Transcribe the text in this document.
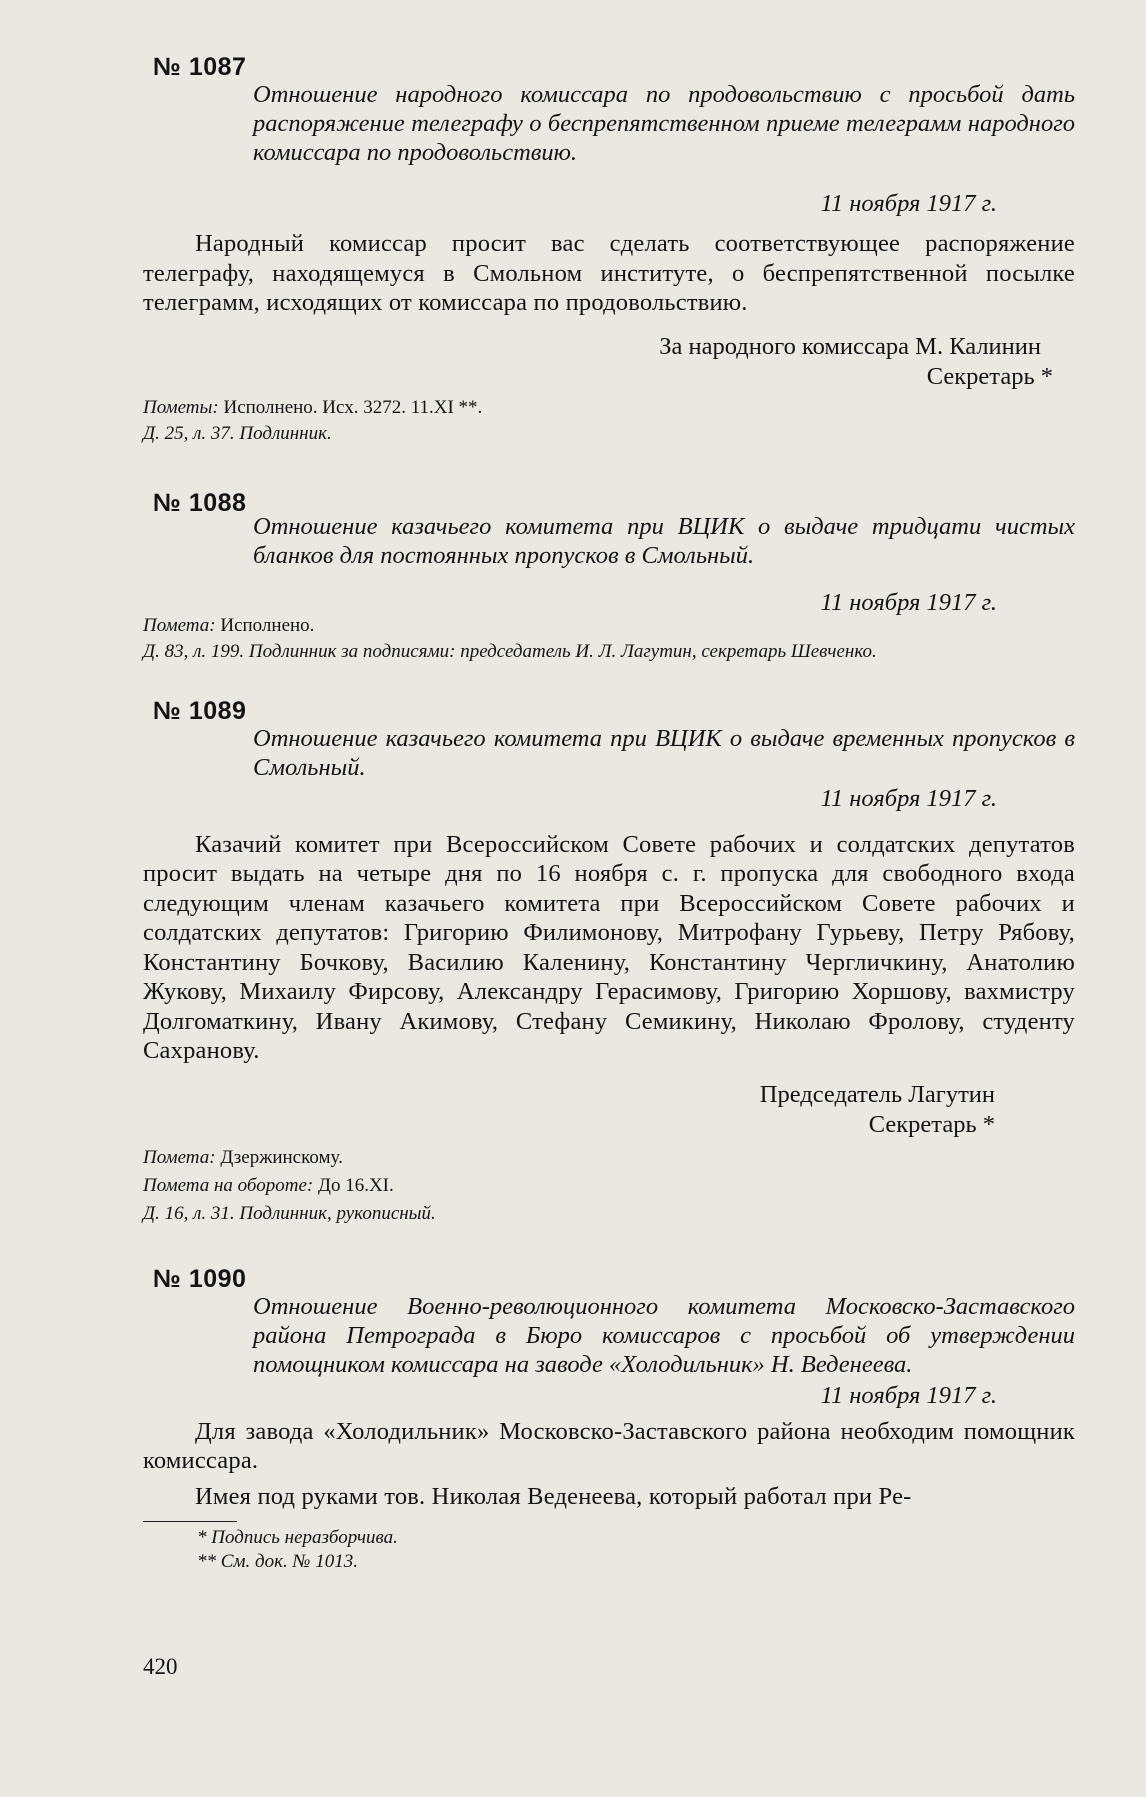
№ 1087
Отношение народного комиссара по продовольствию с просьбой дать распоряжение телеграфу о беспрепятственном приеме телеграмм народного комиссара по продовольствию.
11 ноября 1917 г.

Народный комиссар просит вас сделать соответствующее распоряжение телеграфу, находящемуся в Смольном институте, о беспрепятственной посылке телеграмм, исходящих от комиссара по продовольствию.

За народного комиссара М. Калинин
Секретарь *

Пометы: Исполнено. Исх. 3272. 11.XI **.

Д. 25, л. 37. Подлинник.

№ 1088
Отношение казачьего комитета при ВЦИК о выдаче тридцати чистых бланков для постоянных пропусков в Смольный.
11 ноября 1917 г.

Помета: Исполнено.

Д. 83, л. 199. Подлинник за подписями: председатель И. Л. Лагутин, секретарь Шевченко.

№ 1089
Отношение казачьего комитета при ВЦИК о выдаче временных пропусков в Смольный.
11 ноября 1917 г.

Казачий комитет при Всероссийском Совете рабочих и солдатских депутатов просит выдать на четыре дня по 16 ноября с. г. пропуска для свободного входа следующим членам казачьего комитета при Всероссийском Совете рабочих и солдатских депутатов: Григорию Филимонову, Митрофану Гурьеву, Петру Рябову, Константину Бочкову, Василию Каленину, Константину Чергличкину, Анатолию Жукову, Михаилу Фирсову, Александру Герасимову, Григорию Хоршову, вахмистру Долгоматкину, Ивану Акимову, Стефану Семикину, Николаю Фролову, студенту Сахранову.

Председатель Лагутин
Секретарь *

Помета: Дзержинскому.

Помета на обороте: До 16.XI.

Д. 16, л. 31. Подлинник, рукописный.

№ 1090
Отношение Военно-революционного комитета Московско-Заставского района Петрограда в Бюро комиссаров с просьбой об утверждении помощником комиссара на заводе «Холодильник» Н. Веденеева.
11 ноября 1917 г.

Для завода «Холодильник» Московско-Заставского района необходим помощник комиссара.

Имея под руками тов. Николая Веденеева, который работал при Ре-

* Подпись неразборчива.
** См. док. № 1013.
420
